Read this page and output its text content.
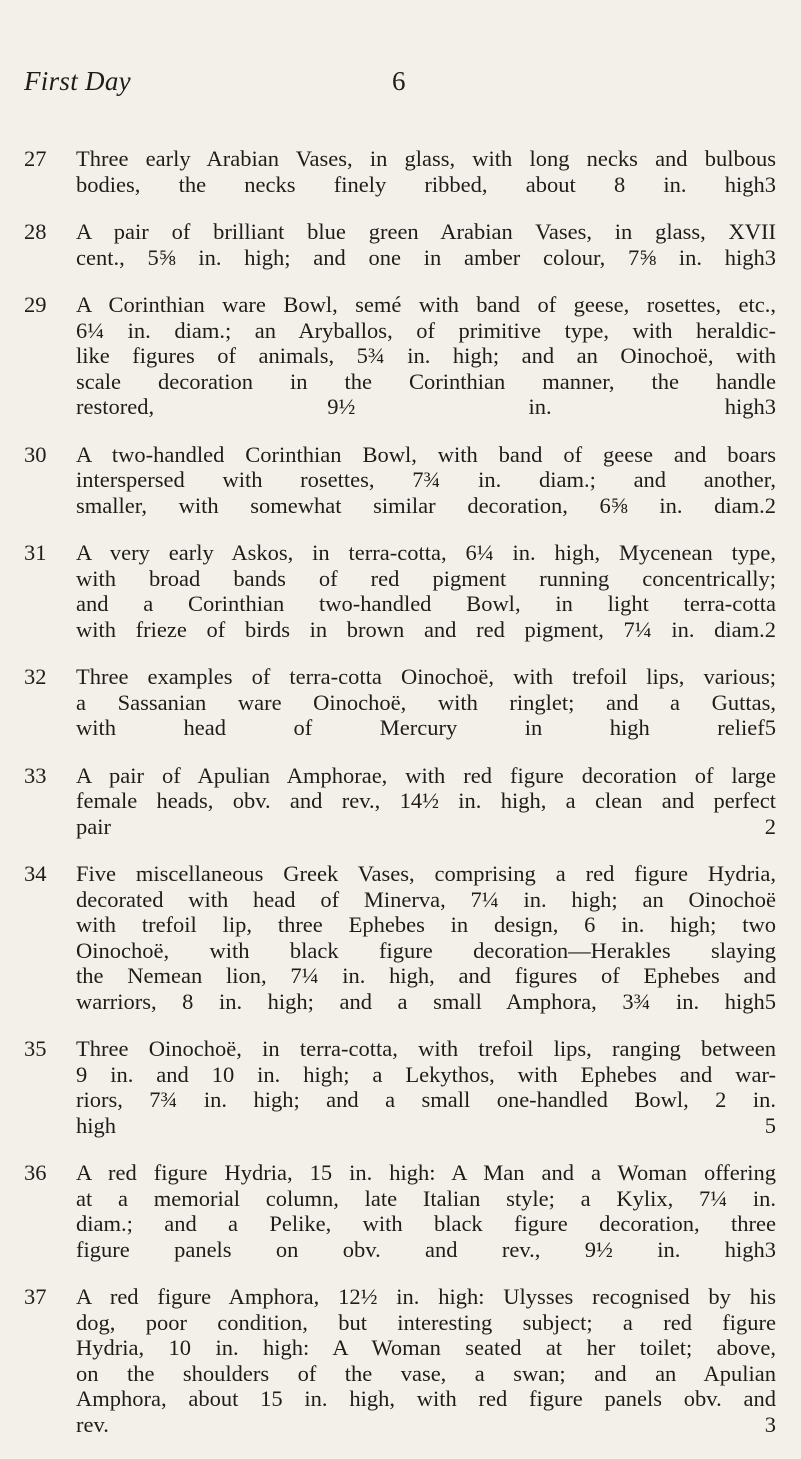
First Day	6
27	Three early Arabian Vases, in glass, with long necks and bulbous
bodies, the necks finely ribbed, about 8 in. high 3
28	A pair of brilliant blue green Arabian Vases, in glass, XVII
cent., 5⅝ in. high; and one in amber colour, 7⅝ in. high 3
29	A Corinthian ware Bowl, semé with band of geese, rosettes, etc.,
6¼ in. diam.; an Aryballos, of primitive type, with heraldic-
like figures of animals, 5¾ in. high; and an Oinochoë, with
scale decoration in the Corinthian manner, the handle
restored, 9½ in. high 3
30	A two-handled Corinthian Bowl, with band of geese and boars
interspersed with rosettes, 7¾ in. diam.; and another,
smaller, with somewhat similar decoration, 6⅝ in. diam. 2
31	A very early Askos, in terra-cotta, 6¼ in. high, Mycenean type,
with broad bands of red pigment running concentrically;
and a Corinthian two-handled Bowl, in light terra-cotta
with frieze of birds in brown and red pigment, 7¼ in. diam. 2
32	Three examples of terra-cotta Oinochoë, with trefoil lips, various;
a Sassanian ware Oinochoë, with ringlet; and a Guttas,
with head of Mercury in high relief 5
33	A pair of Apulian Amphorae, with red figure decoration of large
female heads, obv. and rev., 14½ in. high, a clean and perfect
pair	2
34	Five miscellaneous Greek Vases, comprising a red figure Hydria,
decorated with head of Minerva, 7¼ in. high; an Oinochoë
with trefoil lip, three Ephebes in design, 6 in. high; two
Oinochoë, with black figure decoration—Herakles slaying
the Nemean lion, 7¼ in. high, and figures of Ephebes and
warriors, 8 in. high; and a small Amphora, 3¾ in. high 5
35	Three Oinochoë, in terra-cotta, with trefoil lips, ranging between
9 in. and 10 in. high; a Lekythos, with Ephebes and war-
riors, 7¾ in. high; and a small one-handled Bowl, 2 in.
high	5
36	A red figure Hydria, 15 in. high: A Man and a Woman offering
at a memorial column, late Italian style; a Kylix, 7¼ in.
diam.; and a Pelike, with black figure decoration, three
figure panels on obv. and rev., 9½ in. high 3
37	A red figure Amphora, 12½ in. high: Ulysses recognised by his
dog, poor condition, but interesting subject; a red figure
Hydria, 10 in. high: A Woman seated at her toilet; above,
on the shoulders of the vase, a swan; and an Apulian
Amphora, about 15 in. high, with red figure panels obv. and
rev.	3
